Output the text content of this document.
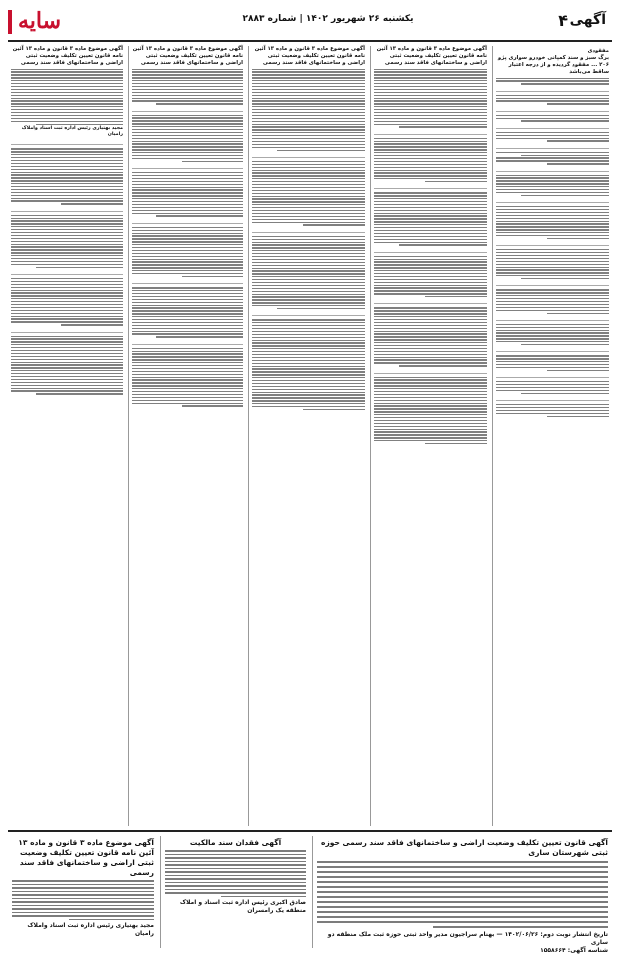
سایه	یکشنبه ۲۶ شهریور ۱۴۰۲ | شماره ۲۸۸۳	۴ آگهی
مفقودی
برگ سبز و سند کمپانی خودرو سواری پژو ۲۰۶ ... مفقود گردیده و از درجه اعتبار ساقط می‌باشد
آگهی موضوع ماده ۳ قانون و ماده ۱۳ آئین نامه قانون تعیین تکلیف وضعیت ثبتی اراضی و ساختمانهای فاقد سند رسمی
آگهی موضوع ماده ۳ قانون و ماده ۱۳ آئین نامه قانون تعیین تکلیف وضعیت ثبتی اراضی و ساختمانهای فاقد سند رسمی
آگهی موضوع ماده ۳ قانون و ماده ۱۳ آئین نامه قانون تعیین تکلیف وضعیت ثبتی اراضی و ساختمانهای فاقد سند رسمی
آگهی موضوع ماده ۳ قانون و ماده ۱۳ آئین نامه قانون تعیین تکلیف وضعیت ثبتی اراضی و ساختمانهای فاقد سند رسمی
مجید بهتیاری رئیس اداره ثبت اسناد واملاک رامیان
آگهی قانون تعیین تکلیف وضعیت اراضی و ساختمانهای فاقد سند رسمی حوزه ثبتی شهرستان ساری
تاریخ انتشار نوبت دوم: ۱۴۰۲/۰۶/۲۶ — بهنام سراجیون مدیر واحد ثبتی حوزه ثبت ملک منطقه دو ساری
شناسه آگهی: ۱۵۵۸۶۶۴
آگهی فقدان سند مالکیت
صادق اکبری رئیس اداره ثبت اسناد و املاک منطقه یک رامسران
آگهی موضوع ماده ۳ قانون و ماده ۱۳ آئین نامه قانون تعیین تکلیف وضعیت ثبتی اراضی و ساختمانهای فاقد سند رسمی
مجید بهتیاری رئیس اداره ثبت اسناد واملاک رامیان
